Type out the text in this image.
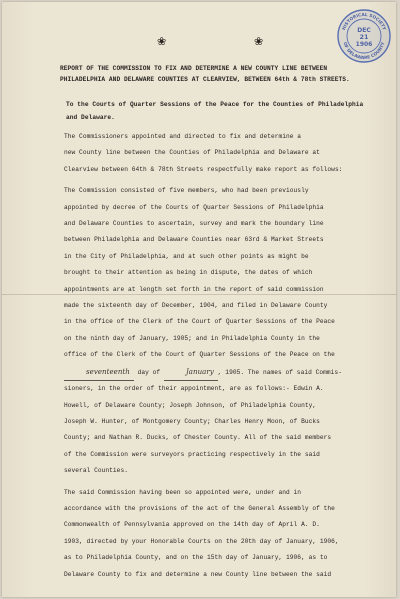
❀	❀
HISTORICAL SOCIETY
OF DELAWARE COUNTY
DEC
21
1906
REPORT OF THE COMMISSION TO FIX AND DETERMINE A NEW COUNTY LINE BETWEEN PHILADELPHIA AND DELAWARE COUNTIES AT CLEARVIEW, BETWEEN 64th & 78th STREETS.
To the Courts of Quarter Sessions of the Peace for the Counties of Philadelphia and Delaware.
The Commissioners appointed and directed to fix and determine a
new County line between the Counties of Philadelphia and Delaware at
Clearview between 64th & 78th Streets respectfully make report as follows:
The Commission consisted of five members, who had been previously
appointed by decree of the Courts of Quarter Sessions of Philadelphia
and Delaware Counties to ascertain, survey and mark the boundary line
between Philadelphia and Delaware Counties near 63rd & Market Streets
in the City of Philadelphia, and at such other points as might be
brought to their attention as being in dispute, the dates of which
appointments are at length set forth in the report of said commission
made the sixteenth day of December, 1904, and filed in Delaware County
in the office of the Clerk of the Court of Quarter Sessions of the Peace
on the ninth day of January, 1905; and in Philadelphia County in the
office of the Clerk of the Court of Quarter Sessions of the Peace on the
seventeenth day of	January , 1905. The names of said Commis-
sioners, in the order of their appointment, are as follows:- Edwin A.
Howell, of Delaware County; Joseph Johnson, of Philadelphia County,
Joseph W. Hunter, of Montgomery County; Charles Henry Moon, of Bucks
County; and Nathan R. Ducks, of Chester County. All of the said members
of the Commission were surveyors practicing respectively in the said
several Counties.
The said Commission having been so appointed were, under and in
accordance with the provisions of the act of the General Assembly of the
Commonwealth of Pennsylvania approved on the 14th day of April A. D.
1903, directed by your Honorable Courts on the 20th day of January, 1906,
as to Philadelphia County, and on the 15th day of January, 1906, as to
Delaware County to fix and determine a new County line between the said
